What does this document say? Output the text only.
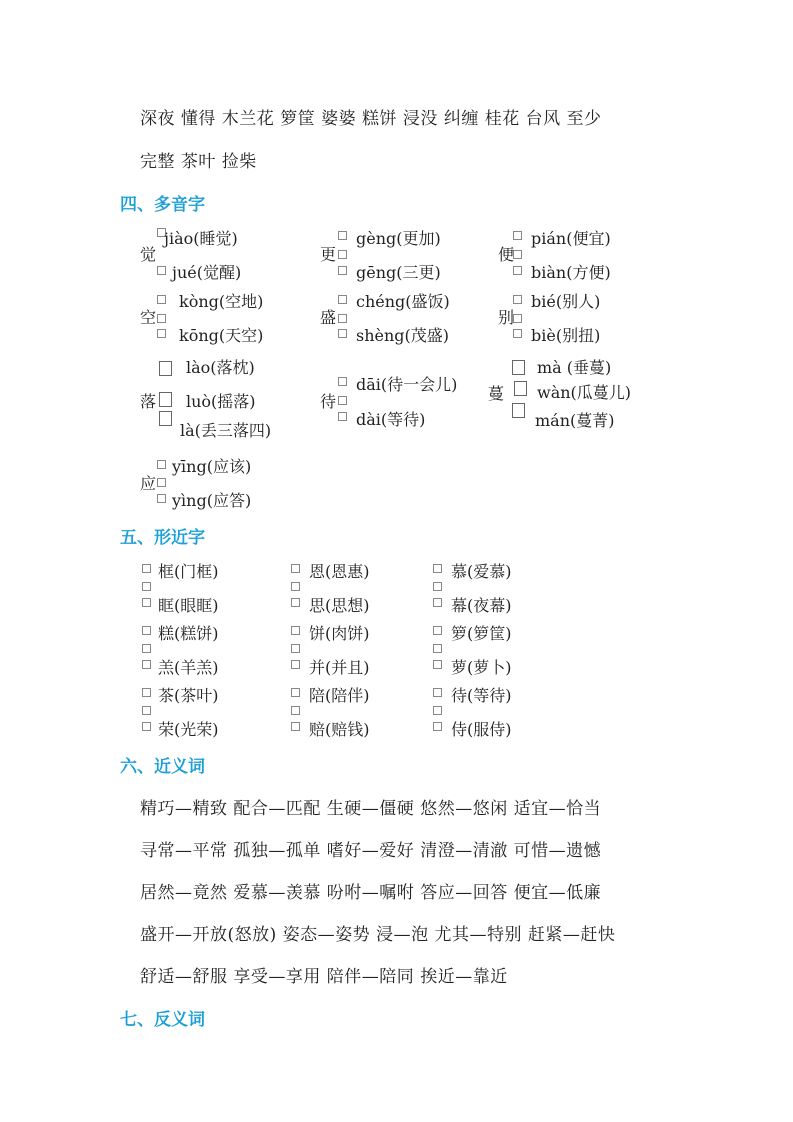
深夜 懂得 木兰花 箩筐 婆婆 糕饼 浸没 纠缠 桂花 台风 至少
完整 茶叶 捡柴
四、多音字
觉
jiào(睡觉)
jué(觉醒)
更
gèng(更加)
gēng(三更)
便
pián(便宜)
biàn(方便)
空
kòng(空地)
kōng(天空)
盛
chéng(盛饭)
shèng(茂盛)
别
bié(别人)
biè(别扭)
lào(落枕)
落 luò(摇落)
là(丢三落四)
待
dāi(待一会儿)
dài(等待)
mà (垂蔓)
蔓 wàn(瓜蔓儿)
mán(蔓菁)
应
yīng(应该)
yìng(应答)
五、形近字
框(门框)
眶(眼眶)
恩(恩惠)
思(思想)
慕(爱慕)
幕(夜幕)
糕(糕饼)
羔(羊羔)
饼(肉饼)
并(并且)
箩(箩筐)
萝(萝卜)
茶(茶叶)
荣(光荣)
陪(陪伴)
赔(赔钱)
待(等待)
侍(服侍)
六、近义词
精巧—精致 配合—匹配 生硬—僵硬 悠然—悠闲 适宜—恰当
寻常—平常 孤独—孤单 嗜好—爱好 清澄—清澈 可惜—遗憾
居然—竟然 爱慕—羡慕 吩咐—嘱咐 答应—回答 便宜—低廉
盛开—开放(怒放) 姿态—姿势 浸—泡 尤其—特别 赶紧—赶快
舒适—舒服 享受—享用 陪伴—陪同 挨近—靠近
七、反义词
